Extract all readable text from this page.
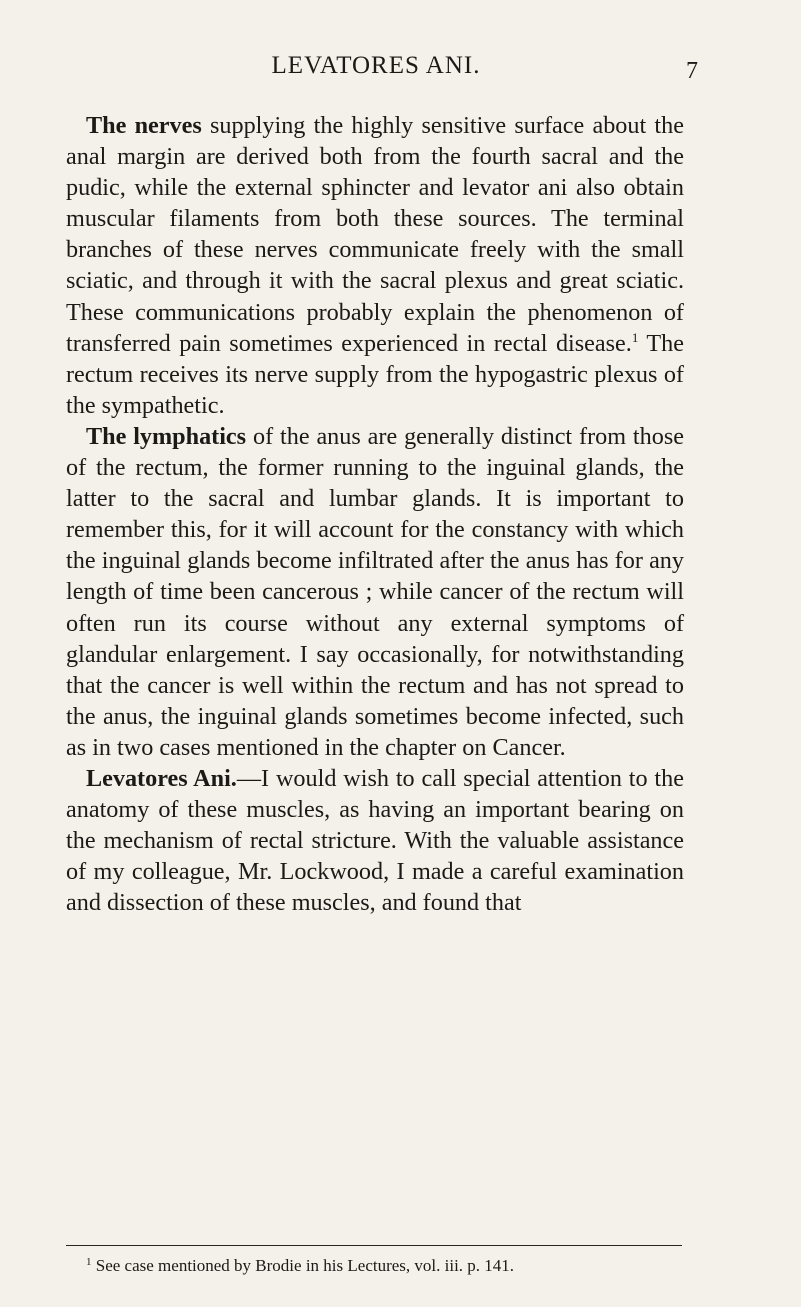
LEVATORES ANI.	7

The nerves supplying the highly sensitive surface about the anal margin are derived both from the fourth sacral and the pudic, while the external sphincter and levator ani also obtain muscular filaments from both these sources. The terminal branches of these nerves communicate freely with the small sciatic, and through it with the sacral plexus and great sciatic. These communications probably explain the phenomenon of transferred pain sometimes experienced in rectal disease.$^1$ The rectum receives its nerve supply from the hypogastric plexus of the sympathetic.

The lymphatics of the anus are generally distinct from those of the rectum, the former running to the inguinal glands, the latter to the sacral and lumbar glands. It is important to remember this, for it will account for the constancy with which the inguinal glands become infiltrated after the anus has for any length of time been cancerous ; while cancer of the rectum will often run its course without any external symptoms of glandular enlargement. I say occasionally, for notwithstanding that the cancer is well within the rectum and has not spread to the anus, the inguinal glands sometimes become infected, such as in two cases mentioned in the chapter on Cancer.

Levatores Ani.—I would wish to call special attention to the anatomy of these muscles, as having an important bearing on the mechanism of rectal stricture. With the valuable assistance of my colleague, Mr. Lockwood, I made a careful examination and dissection of these muscles, and found that

$^1$ See case mentioned by Brodie in his Lectures, vol. iii. p. 141.
